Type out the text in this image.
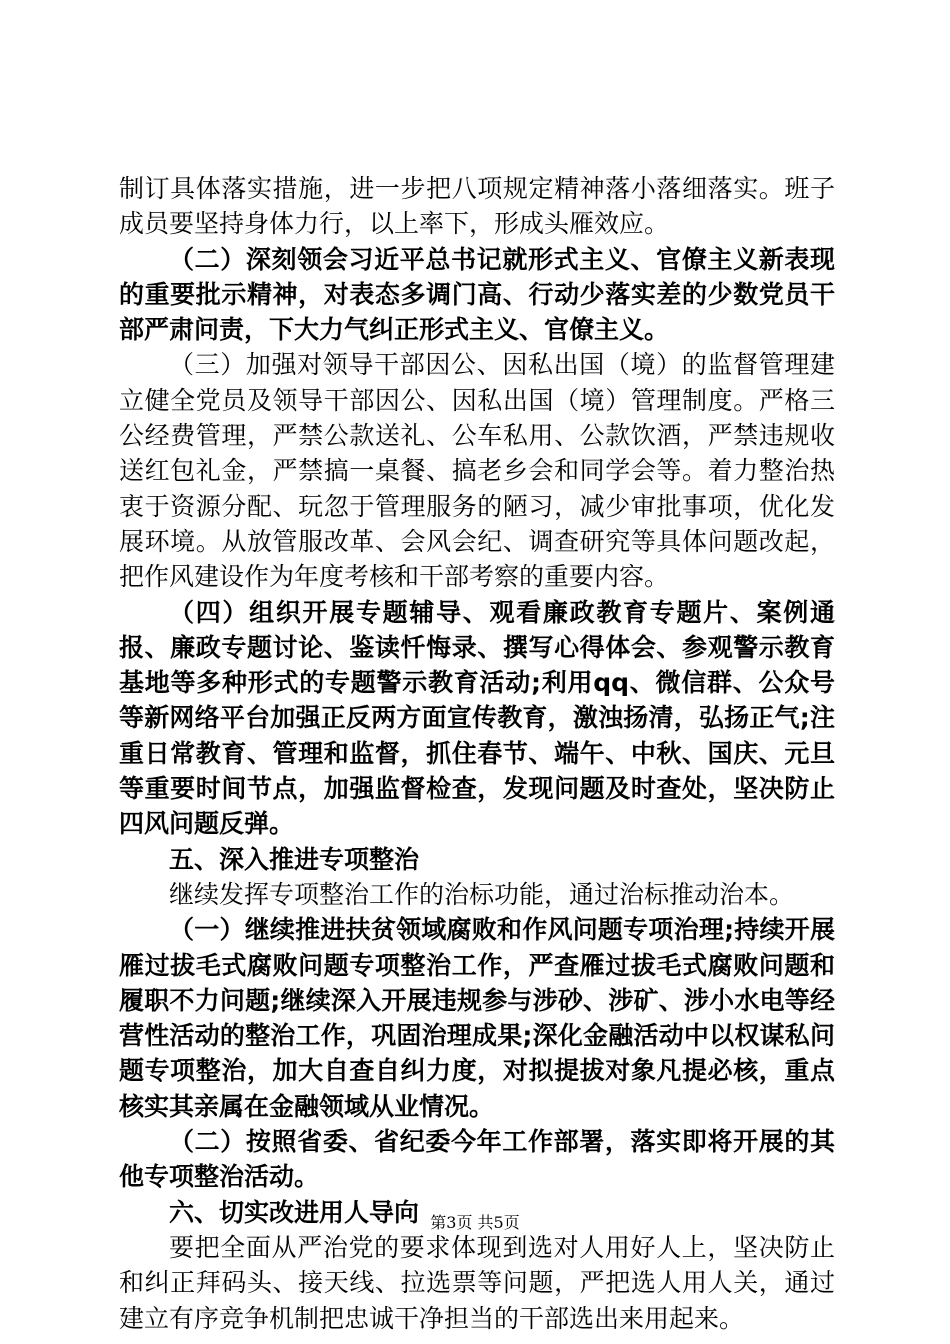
制订具体落实措施，进一步把八项规定精神落小落细落实。班子成员要坚持身体力行，以上率下，形成头雁效应。

（二）深刻领会习近平总书记就形式主义、官僚主义新表现的重要批示精神，对表态多调门高、行动少落实差的少数党员干部严肃问责，下大力气纠正形式主义、官僚主义。

（三）加强对领导干部因公、因私出国（境）的监督管理建立健全党员及领导干部因公、因私出国（境）管理制度。严格三公经费管理，严禁公款送礼、公车私用、公款饮酒，严禁违规收送红包礼金，严禁搞一桌餐、搞老乡会和同学会等。着力整治热衷于资源分配、玩忽于管理服务的陋习，减少审批事项，优化发展环境。从放管服改革、会风会纪、调查研究等具体问题改起，把作风建设作为年度考核和干部考察的重要内容。

（四）组织开展专题辅导、观看廉政教育专题片、案例通报、廉政专题讨论、鉴读忏悔录、撰写心得体会、参观警示教育基地等多种形式的专题警示教育活动;利用qq、微信群、公众号等新网络平台加强正反两方面宣传教育，激浊扬清，弘扬正气;注重日常教育、管理和监督，抓住春节、端午、中秋、国庆、元旦等重要时间节点，加强监督检查，发现问题及时查处，坚决防止四风问题反弹。

五、深入推进专项整治

继续发挥专项整治工作的治标功能，通过治标推动治本。

（一）继续推进扶贫领域腐败和作风问题专项治理;持续开展雁过拔毛式腐败问题专项整治工作，严查雁过拔毛式腐败问题和履职不力问题;继续深入开展违规参与涉砂、涉矿、涉小水电等经营性活动的整治工作，巩固治理成果;深化金融活动中以权谋私问题专项整治，加大自查自纠力度，对拟提拔对象凡提必核，重点核实其亲属在金融领域从业情况。

（二）按照省委、省纪委今年工作部署，落实即将开展的其他专项整治活动。

六、切实改进用人导向

要把全面从严治党的要求体现到选对人用好人上，坚决防止和纠正拜码头、接天线、拉选票等问题，严把选人用人关，通过建立有序竞争机制把忠诚干净担当的干部选出来用起来。

第3页 共5页
